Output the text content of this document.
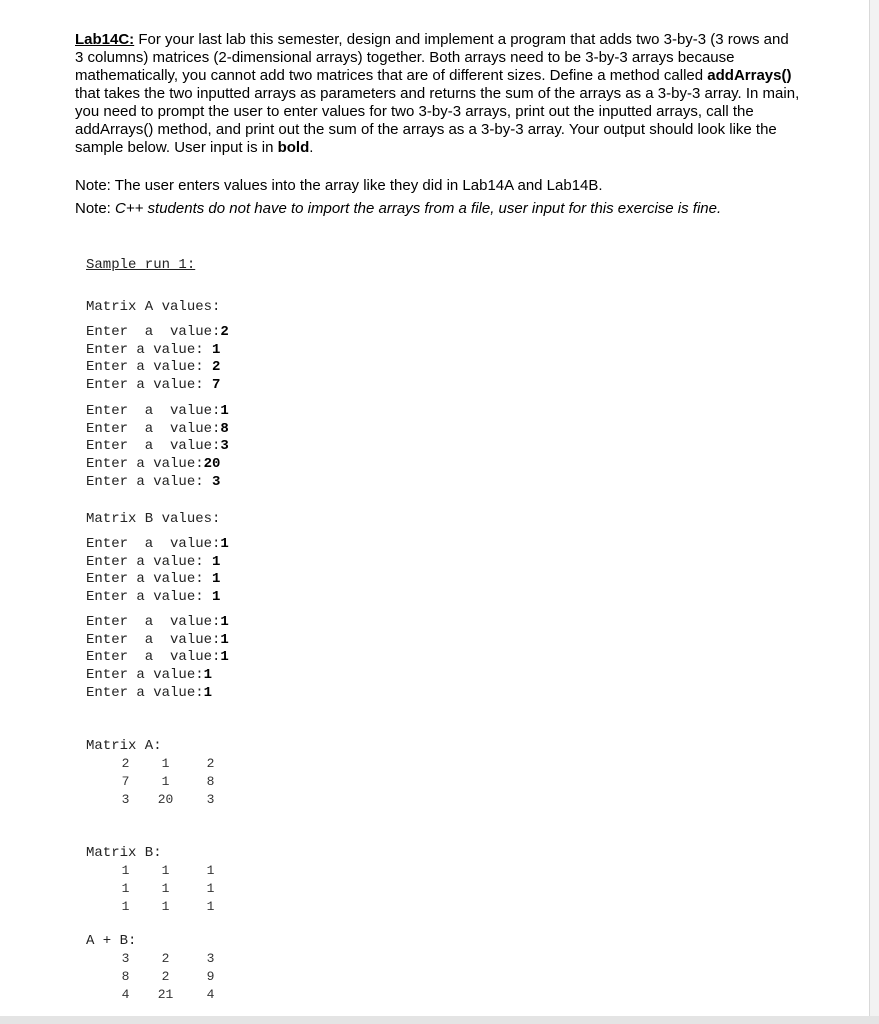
Lab14C: For your last lab this semester, design and implement a program that adds two 3-by-3 (3 rows and 3 columns) matrices (2-dimensional arrays) together. Both arrays need to be 3-by-3 arrays because mathematically, you cannot add two matrices that are of different sizes. Define a method called addArrays() that takes the two inputted arrays as parameters and returns the sum of the arrays as a 3-by-3 array. In main, you need to prompt the user to enter values for two 3-by-3 arrays, print out the inputted arrays, call the addArrays() method, and print out the sum of the arrays as a 3-by-3 array. Your output should look like the sample below. User input is in bold.

Note: The user enters values into the array like they did in Lab14A and Lab14B.

Note: C++ students do not have to import the arrays from a file, user input for this exercise is fine.

Sample run 1:
Matrix A values:
Enter  a  value:2
Enter a value: 1
Enter a value: 2
Enter a value: 7
Enter  a  value:1
Enter  a  value:8
Enter  a  value:3
Enter a value:20
Enter a value: 3
Matrix B values:
Enter  a  value:1
Enter a value: 1
Enter a value: 1
Enter a value: 1
Enter  a  value:1
Enter  a  value:1
Enter  a  value:1
Enter a value:1
Enter a value:1
Matrix A:
2	1	2
7	1	8
3	20	3
Matrix B:
1	1	1
1	1	1
1	1	1
A + B:
3	2	3
8	2	9
4	21	4
